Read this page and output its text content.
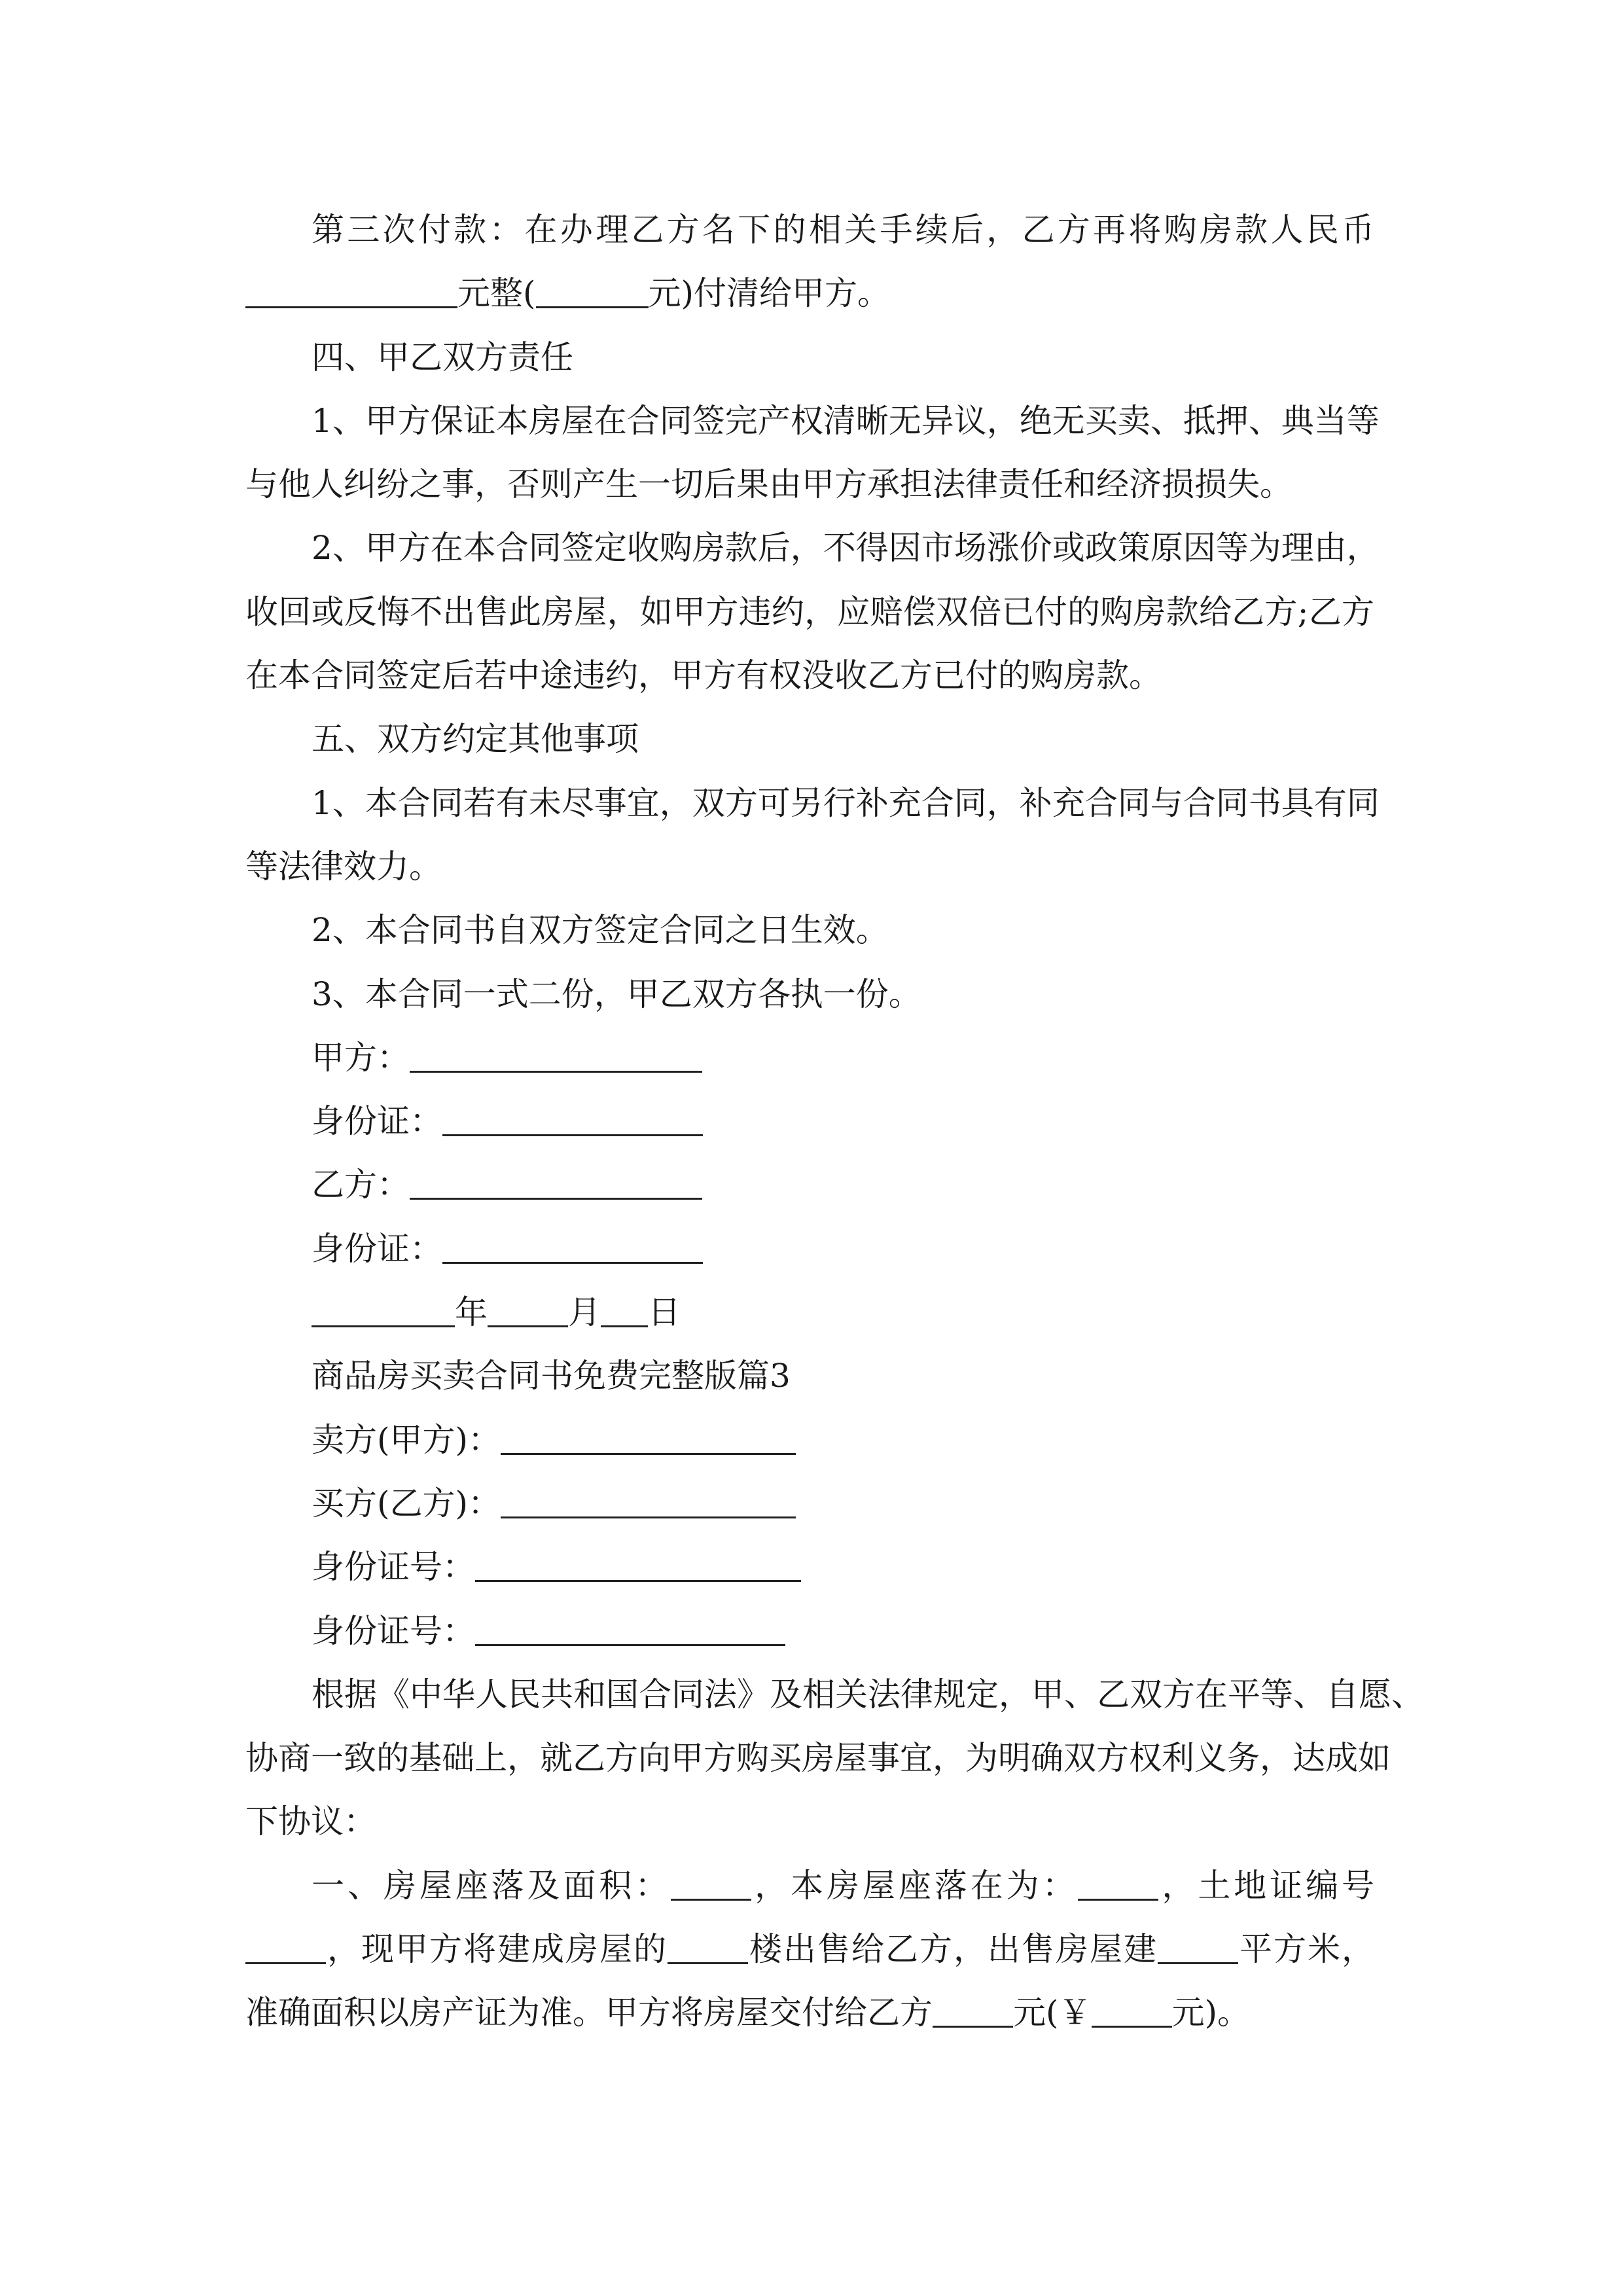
第三次付款：在办理乙方名下的相关手续后，乙方再将购房款人民币
元整(	元)付清给甲方。
四、甲乙双方责任
1、甲方保证本房屋在合同签完产权清晰无异议，绝无买卖、抵押、典当等
与他人纠纷之事，否则产生一切后果由甲方承担法律责任和经济损损失。
2、甲方在本合同签定收购房款后，不得因市场涨价或政策原因等为理由，
收回或反悔不出售此房屋，如甲方违约，应赔偿双倍已付的购房款给乙方;乙方
在本合同签定后若中途违约，甲方有权没收乙方已付的购房款。
五、双方约定其他事项
1、本合同若有未尽事宜，双方可另行补充合同，补充合同与合同书具有同
等法律效力。
2、本合同书自双方签定合同之日生效。
3、本合同一式二份，甲乙双方各执一份。
甲方：
身份证：
乙方：
身份证：
年 月 日
商品房买卖合同书免费完整版篇3
卖方(甲方)：
买方(乙方)：
身份证号：
身份证号：
根据《中华人民共和国合同法》及相关法律规定，甲、乙双方在平等、自愿、
协商一致的基础上，就乙方向甲方购买房屋事宜，为明确双方权利义务，达成如
下协议：
一、房屋座落及面积： ，本房屋座落在为： ，土地证编号
，现甲方将建成房屋的 楼出售给乙方，出售房屋建 平方米，
准确面积以房产证为准。甲方将房屋交付给乙方 元(￥ 元)。
